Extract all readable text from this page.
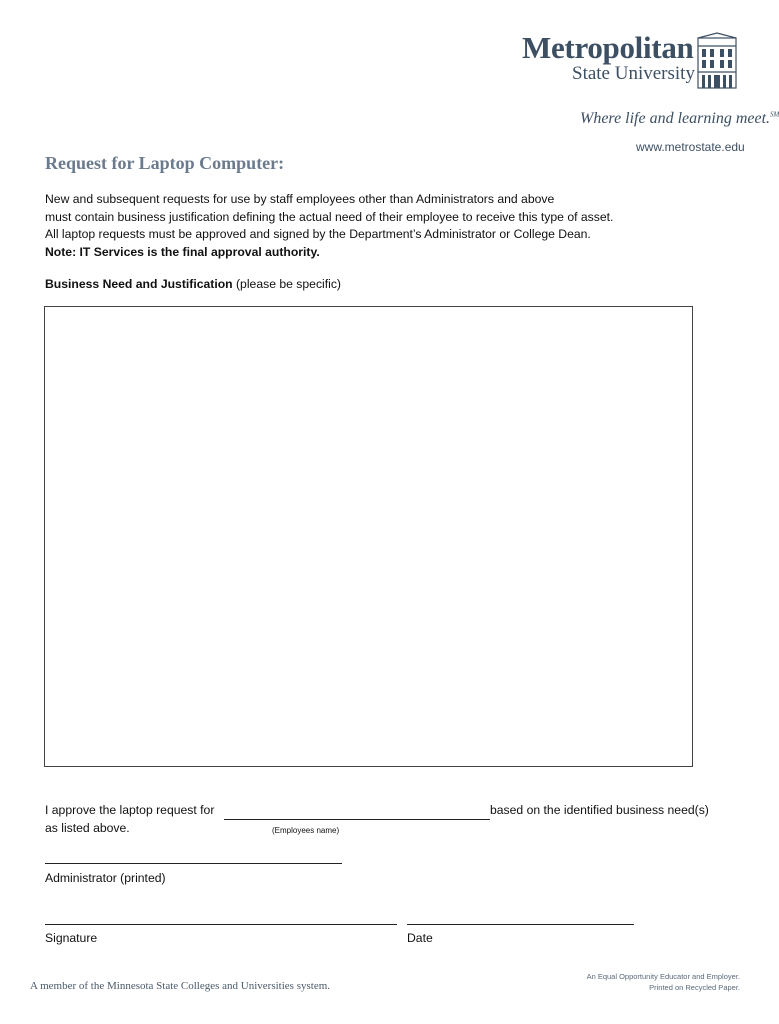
Metropolitan
State University
Where life and learning meet.℠
www.metrostate.edu
Request for Laptop Computer:
New and subsequent requests for use by staff employees other than Administrators and above
must contain business justification defining the actual need of their employee to receive this type of asset.
All laptop requests must be approved and signed by the Department’s Administrator or College Dean.
Note: IT Services is the final approval authority.
Business Need and Justification (please be specific)
I approve the laptop request for	based on the identified business need(s)
as listed above.	(Employees name)
Administrator (printed)
Signature	Date
A member of the Minnesota State Colleges and Universities system.
An Equal Opportunity Educator and Employer.
Printed on Recycled Paper.
